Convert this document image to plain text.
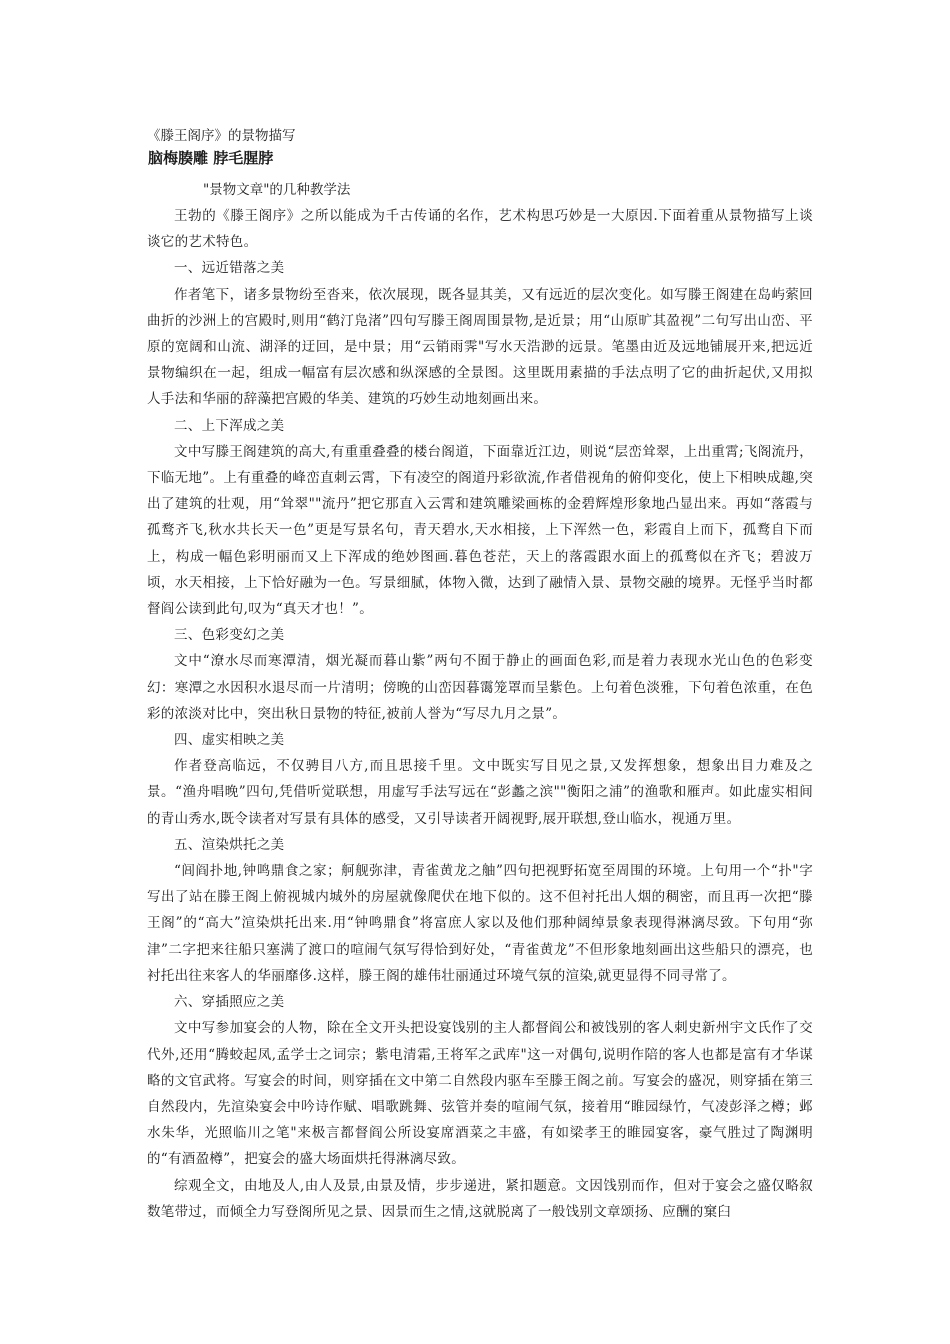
《滕王阁序》的景物描写
脑梅腠雕 脖毛腥脖
"景物文章"的几种教学法

王勃的《滕王阁序》之所以能成为千古传诵的名作，艺术构思巧妙是一大原因.下面着重从景物描写上谈谈它的艺术特色。

一、远近错落之美

作者笔下，诸多景物纷至沓来，依次展现，既各显其美，又有远近的层次变化。如写滕王阁建在岛屿萦回曲折的沙洲上的宫殿时,则用“鹤汀凫渚”四句写滕王阁周围景物,是近景；用“山原旷其盈视”二句写出山峦、平原的宽阔和山流、湖泽的迂回，是中景；用“云销雨霁"写水天浩渺的远景。笔墨由近及远地铺展开来,把远近景物编织在一起，组成一幅富有层次感和纵深感的全景图。这里既用素描的手法点明了它的曲折起伏,又用拟人手法和华丽的辞藻把宫殿的华美、建筑的巧妙生动地刻画出来。

二、上下浑成之美

文中写滕王阁建筑的高大,有重重叠叠的楼台阁道，下面靠近江边，则说“层峦耸翠，上出重霄;飞阁流丹，下临无地”。上有重叠的峰峦直刺云霄，下有凌空的阁道丹彩欲流,作者借视角的俯仰变化，使上下相映成趣,突出了建筑的壮观，用“耸翠""流丹”把它那直入云霄和建筑雕梁画栋的金碧辉煌形象地凸显出来。再如“落霞与孤鹜齐飞,秋水共长天一色”更是写景名句，青天碧水,天水相接，上下浑然一色，彩霞自上而下，孤鹜自下而上，构成一幅色彩明丽而又上下浑成的绝妙图画.暮色苍茫，天上的落霞跟水面上的孤鹜似在齐飞；碧波万顷，水天相接，上下恰好融为一色。写景细腻，体物入微，达到了融情入景、景物交融的境界。无怪乎当时都督阎公读到此句,叹为“真天才也！”。

三、色彩变幻之美

文中“潦水尽而寒潭清，烟光凝而暮山紫”两句不囿于静止的画面色彩,而是着力表现水光山色的色彩变幻：寒潭之水因积水退尽而一片清明；傍晚的山峦因暮霭笼罩而呈紫色。上句着色淡雅，下句着色浓重，在色彩的浓淡对比中，突出秋日景物的特征,被前人誉为“写尽九月之景”。

四、虚实相映之美

作者登高临远，不仅骋目八方,而且思接千里。文中既实写目见之景,又发挥想象，想象出目力难及之景。“渔舟唱晚”四句,凭借听觉联想，用虚写手法写远在“彭蠡之滨""衡阳之浦”的渔歌和雁声。如此虚实相间的青山秀水,既令读者对写景有具体的感受，又引导读者开阔视野,展开联想,登山临水，视通万里。

五、渲染烘托之美

“闾阎扑地,钟鸣鼎食之家；舸舰弥津，青雀黄龙之舳”四句把视野拓宽至周围的环境。上句用一个“扑"字写出了站在滕王阁上俯视城内城外的房屋就像爬伏在地下似的。这不但衬托出人烟的稠密，而且再一次把“滕王阁”的“高大”渲染烘托出来.用“钟鸣鼎食”将富庶人家以及他们那种阔绰景象表现得淋漓尽致。下句用“弥津”二字把来往船只塞满了渡口的喧闹气氛写得恰到好处，“青雀黄龙”不但形象地刻画出这些船只的漂亮，也衬托出往来客人的华丽靡侈.这样，滕王阁的雄伟壮丽通过环境气氛的渲染,就更显得不同寻常了。

六、穿插照应之美

文中写参加宴会的人物，除在全文开头把设宴饯别的主人都督阎公和被饯别的客人刺史新州宇文氏作了交代外,还用“腾蛟起凤,孟学士之词宗；紫电清霜,王将军之武库"这一对偶句,说明作陪的客人也都是富有才华谋略的文官武将。写宴会的时间，则穿插在文中第二自然段内驱车至滕王阁之前。写宴会的盛况，则穿插在第三自然段内，先渲染宴会中吟诗作赋、唱歌跳舞、弦管并奏的喧闹气氛，接着用“睢园绿竹，气凌彭泽之樽；邺水朱华，光照临川之笔"来极言都督阎公所设宴席酒菜之丰盛，有如梁孝王的睢园宴客，豪气胜过了陶渊明的“有酒盈樽”，把宴会的盛大场面烘托得淋漓尽致。

综观全文，由地及人,由人及景,由景及情，步步递进，紧扣题意。文因饯别而作，但对于宴会之盛仅略叙数笔带过，而倾全力写登阁所见之景、因景而生之情,这就脱离了一般饯别文章颂扬、应酬的窠臼
